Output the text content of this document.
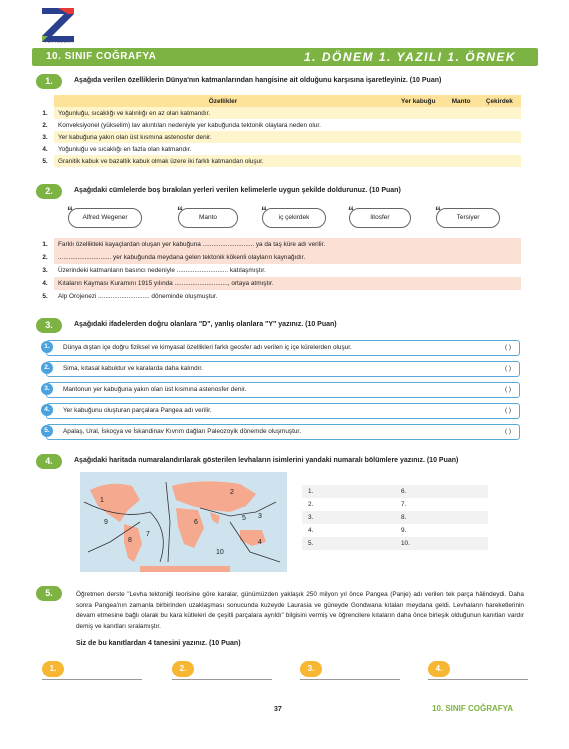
YAYINLARI
10. SINIF COĞRAFYA	1. DÖNEM 1. YAZILI 1. ÖRNEK
1.	Aşağıda verilen özelliklerin Dünya'nın katmanlarından hangisine ait olduğunu karşısına işaretleyiniz. (10 Puan)
	Özellikler	Yer kabuğu	Manto	Çekirdek
1.	Yoğunluğu, sıcaklığı ve kalınlığı en az olan katmandır.			
2.	Konveksiyonel (yükselim) lav akıntıları nedeniyle yer kabuğunda tektonik olaylara neden olur.			
3.	Yer kabuğuna yakın olan üst kısmına astenosfer denir.			
4.	Yoğunluğu ve sıcaklığı en fazla olan katmandır.			
5.	Granitik kabuk ve bazaltik kabuk olmak üzere iki farklı katmandan oluşur.			
2.	Aşağıdaki cümlelerde boş bırakılan yerleri verilen kelimelerle uygun şekilde doldurunuz. (10 Puan)
“ Alfred Wegener	“ Manto	“ iç çekirdek	“	litosfer	“ Tersiyer
1.	Farklı özellikteki kayaçlardan oluşan yer kabuğuna ............................. ya da taş küre adı verilir.
2.	.............................. yer kabuğunda meydana gelen tektonik kökenli olayların kaynağıdır.
3.	Üzerindeki katmanların basıncı nedeniyle ............................. katılaşmıştır.
4.	Kıtaların Kayması Kuramını 1915 yılında .............................., ortaya atmıştır.
5.	Alp Orojenezi ............................. döneminde oluşmuştur.
3.	Aşağıdaki ifadelerden doğru olanlara "D", yanlış olanlara "Y" yazınız. (10 Puan)
1.	Dünya dıştan içe doğru fiziksel ve kimyasal özellikleri farklı geosfer adı verilen iç içe kürelerden oluşur.	( )
2.	Sima, kıtasal kabuktur ve karalarda daha kalındır.	( )
3.	Mantonun yer kabuğuna yakın olan üst kısmına astenosfer denir.	( )
4.	Yer kabuğunu oluşturan parçalara Pangea adı verilir.	( )
5.	Apalaş, Ural, İskoçya ve İskandinav Kıvrım dağları Paleozoyik dönemde oluşmuştur.	( )
4.	Aşağıdaki haritada numaralandırılarak gösterilen levhaların isimlerini yandaki numaralı bölümlere yazınız. (10 Puan)
1
2
3
4
5
6
7
8
9
10
1.	6.
2.	7.
3.	8.
4.	9.
5.	10.
5.	Öğretmen derste "Levha tektoniği teorisine göre karalar, günümüzden yaklaşık 250 milyon yıl önce Pangea (Panje) adı verilen tek parça hâlindeydi. Daha sonra Pangea'nın zamanla birbirinden uzaklaşması sonucunda kuzeyde Laurasia ve güneyde Gondwana kıtaları meydana geldi. Levhaların hareketlerinin devam etmesine bağlı olarak bu kara kütleleri de çeşitli parçalara ayrıldı" bilgisini vermiş ve öğrencilere kıtaların daha önce birleşik olduğunun kanıtları vardır demiş ve kanıtları sıralamıştır.
Siz de bu kanıtlardan 4 tanesini yazınız. (10 Puan)
1.	2.	3.	4.
37	10. SINIF COĞRAFYA
